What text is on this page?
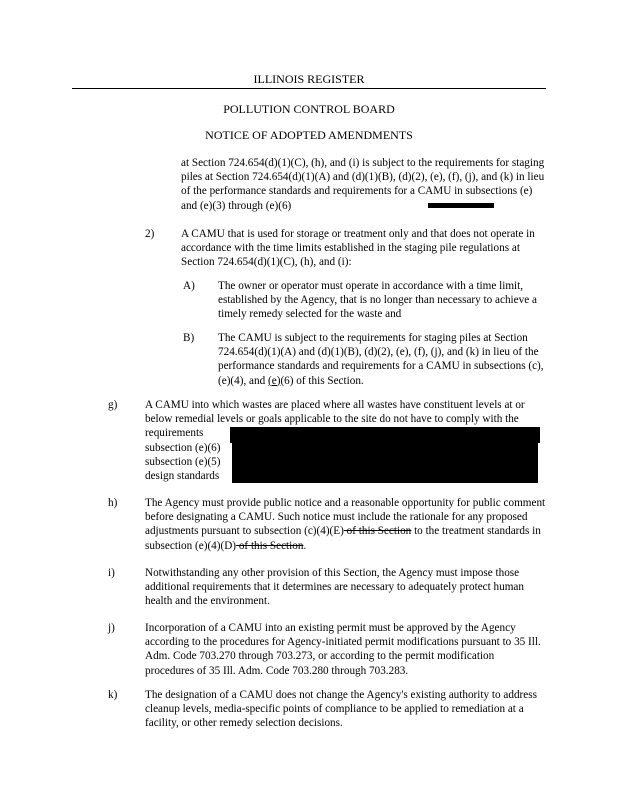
ILLINOIS REGISTER
POLLUTION CONTROL BOARD
NOTICE OF ADOPTED AMENDMENTS
at Section 724.654(d)(1)(C), (h), and (i) is subject to the requirements for staging piles at Section 724.654(d)(1)(A) and (d)(1)(B), (d)(2), (e), (f), (j), and (k) in lieu of the performance standards and requirements for a CAMU in subsections (e) and (e)(3) through (e)(6)
2) A CAMU that is used for storage or treatment only and that does not operate in accordance with the time limits established in the staging pile regulations at Section 724.654(d)(1)(C), (h), and (i):
A) The owner or operator must operate in accordance with a time limit, established by the Agency, that is no longer than necessary to achieve a timely remedy selected for the waste and
B) The CAMU is subject to the requirements for staging piles at Section 724.654(d)(1)(A) and (d)(1)(B), (d)(2), (e), (f), (j), and (k) in lieu of the performance standards and requirements for a CAMU in subsections (c), (e)(4), and (e)(6) of this Section.
g) A CAMU into which wastes are placed where all wastes have constituent levels at or below remedial levels or goals applicable to the site do not have to comply with the requirements
subsection (e)(6)
subsection (e)(5)
design standards
h) The Agency must provide public notice and a reasonable opportunity for public comment before designating a CAMU. Such notice must include the rationale for any proposed adjustments pursuant to subsection (c)(4)(E) of this Section to the treatment standards in subsection (e)(4)(D) of this Section.
i)	Notwithstanding any other provision of this Section, the Agency must impose those additional requirements that it determines are necessary to adequately protect human health and the environment.
j)	Incorporation of a CAMU into an existing permit must be approved by the Agency according to the procedures for Agency-initiated permit modifications pursuant to 35 Ill. Adm. Code 703.270 through 703.273, or according to the permit modification procedures of 35 Ill. Adm. Code 703.280 through 703.283.
k) The designation of a CAMU does not change the Agency's existing authority to address cleanup levels, media-specific points of compliance to be applied to remediation at a facility, or other remedy selection decisions.
